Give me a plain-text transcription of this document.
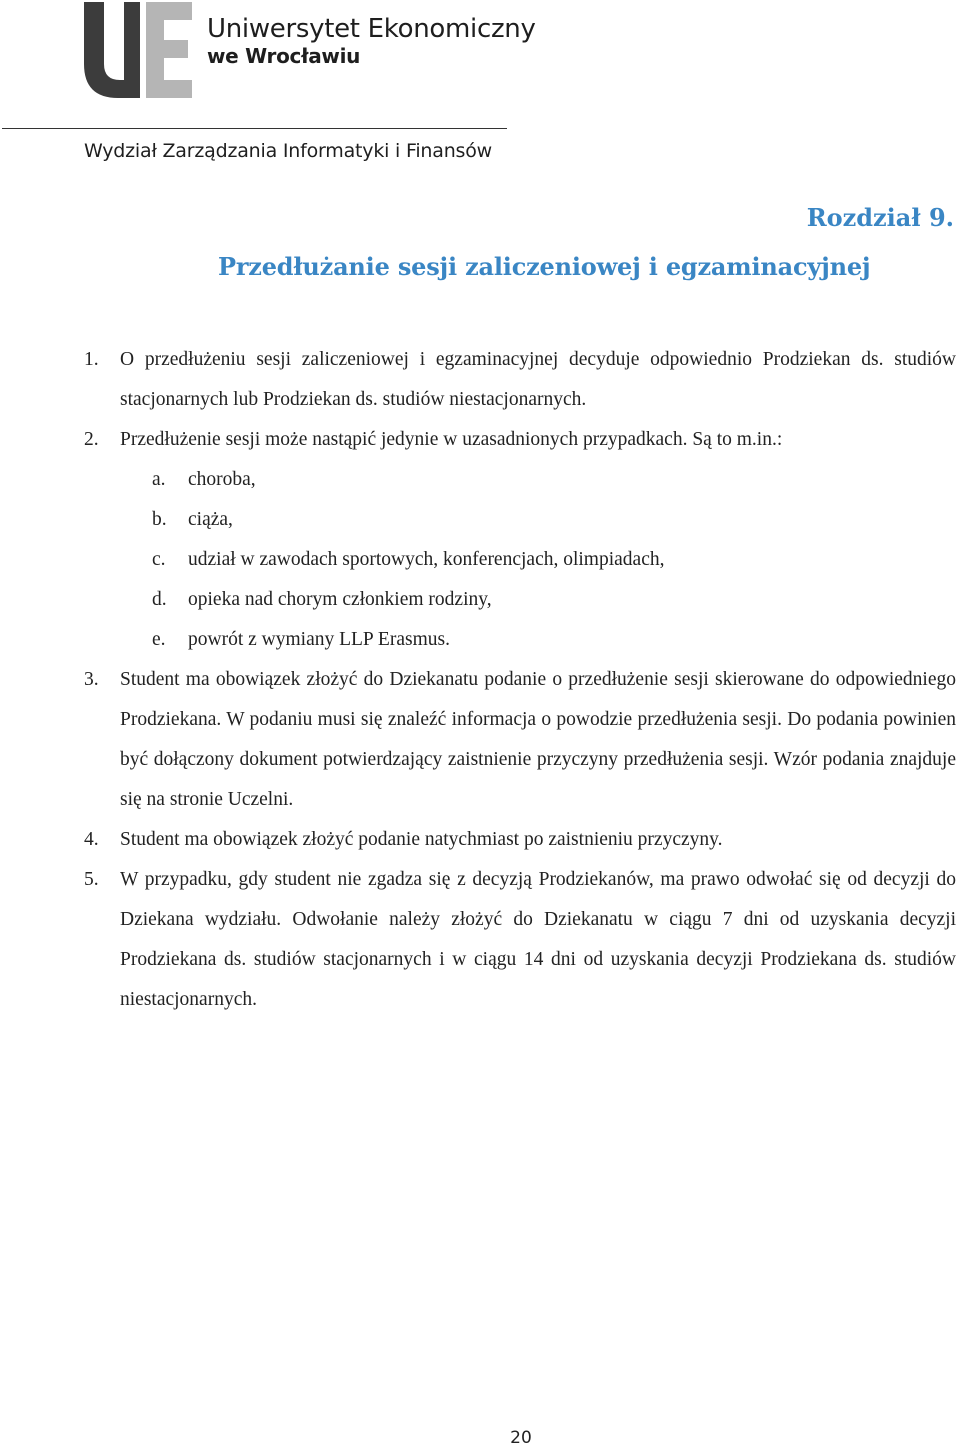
Uniwersytet Ekonomiczny
we Wrocławiu
Wydział Zarządzania Informatyki i Finansów
Rozdział 9.
Przedłużanie sesji zaliczeniowej i egzaminacyjnej
1. O przedłużeniu sesji zaliczeniowej i egzaminacyjnej decyduje odpowiednio Prodziekan ds. studiów stacjonarnych lub Prodziekan ds. studiów niestacjonarnych.
2. Przedłużenie sesji może nastąpić jedynie w uzasadnionych przypadkach. Są to m.in.:
a. choroba,
b. ciąża,
c. udział w zawodach sportowych, konferencjach, olimpiadach,
d. opieka nad chorym członkiem rodziny,
e. powrót z wymiany LLP Erasmus.
3. Student ma obowiązek złożyć do Dziekanatu podanie o przedłużenie sesji skierowane do odpowiedniego Prodziekana. W podaniu musi się znaleźć informacja o powodzie przedłużenia sesji. Do podania powinien być dołączony dokument potwierdzający zaistnienie przyczyny przedłużenia sesji. Wzór podania znajduje się na stronie Uczelni.
4. Student ma obowiązek złożyć podanie natychmiast po zaistnieniu przyczyny.
5. W przypadku, gdy student nie zgadza się z decyzją Prodziekanów, ma prawo odwołać się od decyzji do Dziekana wydziału. Odwołanie należy złożyć do Dziekanatu w ciągu 7 dni od uzyskania decyzji Prodziekana ds. studiów stacjonarnych i w ciągu 14 dni od uzyskania decyzji Prodziekana ds. studiów niestacjonarnych.
20
